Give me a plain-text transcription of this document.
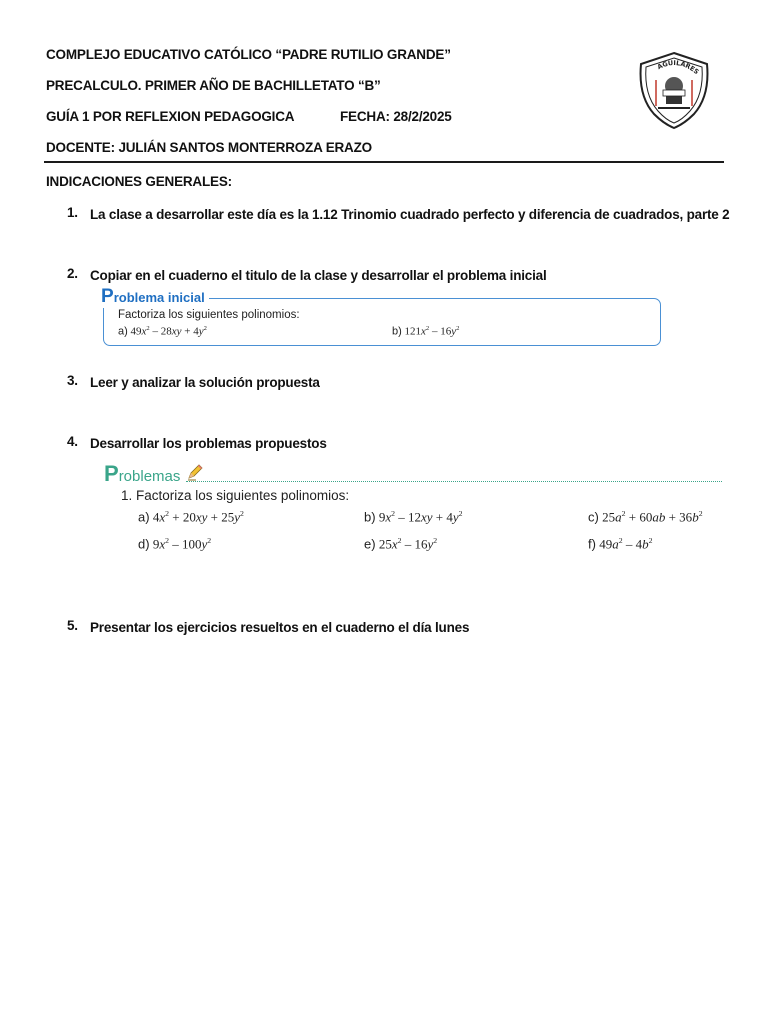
COMPLEJO EDUCATIVO CATÓLICO “PADRE RUTILIO GRANDE”
PRECALCULO. PRIMER AÑO DE BACHILLETATO “B”
GUÍA 1 POR REFLEXION PEDAGOGICA	FECHA: 28/2/2025
DOCENTE: JULIÁN SANTOS MONTERROZA ERAZO
AGUILARES
INDICACIONES GENERALES:
1. La clase a desarrollar este día es la 1.12 Trinomio cuadrado perfecto y diferencia de cuadrados, parte 2
2. Copiar en el cuaderno el titulo de la clase y desarrollar el problema inicial
P roblema inicial
Factoriza los siguientes polinomios:
a) $49x^2 - 28xy + 4y^2$	b) $121x^2 - 16y^2$
3. Leer y analizar la solución propuesta
4. Desarrollar los problemas propuestos
P roblemas
1. Factoriza los siguientes polinomios:
a) $4x^2 + 20xy + 25y^2$	b) $9x^2 - 12xy + 4y^2$	c) $25a^2 + 60ab + 36b^2$
d) $9x^2 - 100y^2$	e) $25x^2 - 16y^2$	f) $49a^2 - 4b^2$
5. Presentar los ejercicios resueltos en el cuaderno el día lunes
